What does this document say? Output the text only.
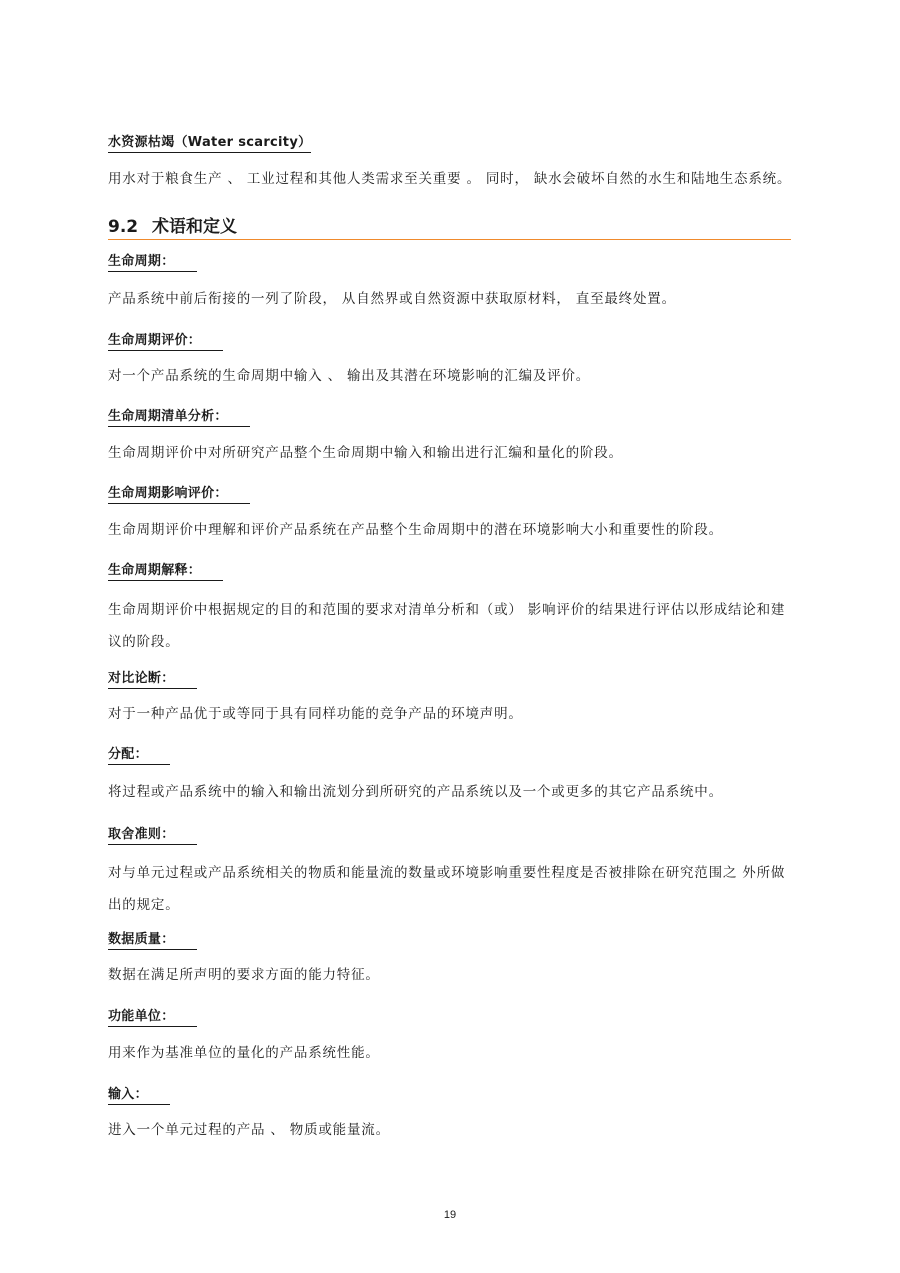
水资源枯竭（Water scarcity）
用水对于粮食生产 、 工业过程和其他人类需求至关重要 。 同时， 缺水会破坏自然的水生和陆地生态系统。
9.2 术语和定义
生命周期：
产品系统中前后衔接的一列了阶段， 从自然界或自然资源中获取原材料， 直至最终处置。
生命周期评价：
对一个产品系统的生命周期中输入 、 输出及其潜在环境影响的汇编及评价。
生命周期清单分析：
生命周期评价中对所研究产品整个生命周期中输入和输出进行汇编和量化的阶段。
生命周期影响评价：
生命周期评价中理解和评价产品系统在产品整个生命周期中的潜在环境影响大小和重要性的阶段。
生命周期解释：
生命周期评价中根据规定的目的和范围的要求对清单分析和（或） 影响评价的结果进行评估以形成结论和建议的阶段。
对比论断：
对于一种产品优于或等同于具有同样功能的竞争产品的环境声明。
分配：
将过程或产品系统中的输入和输出流划分到所研究的产品系统以及一个或更多的其它产品系统中。
取舍准则：
对与单元过程或产品系统相关的物质和能量流的数量或环境影响重要性程度是否被排除在研究范围之 外所做出的规定。
数据质量：
数据在满足所声明的要求方面的能力特征。
功能单位：
用来作为基准单位的量化的产品系统性能。
输入：
进入一个单元过程的产品 、 物质或能量流。
19
